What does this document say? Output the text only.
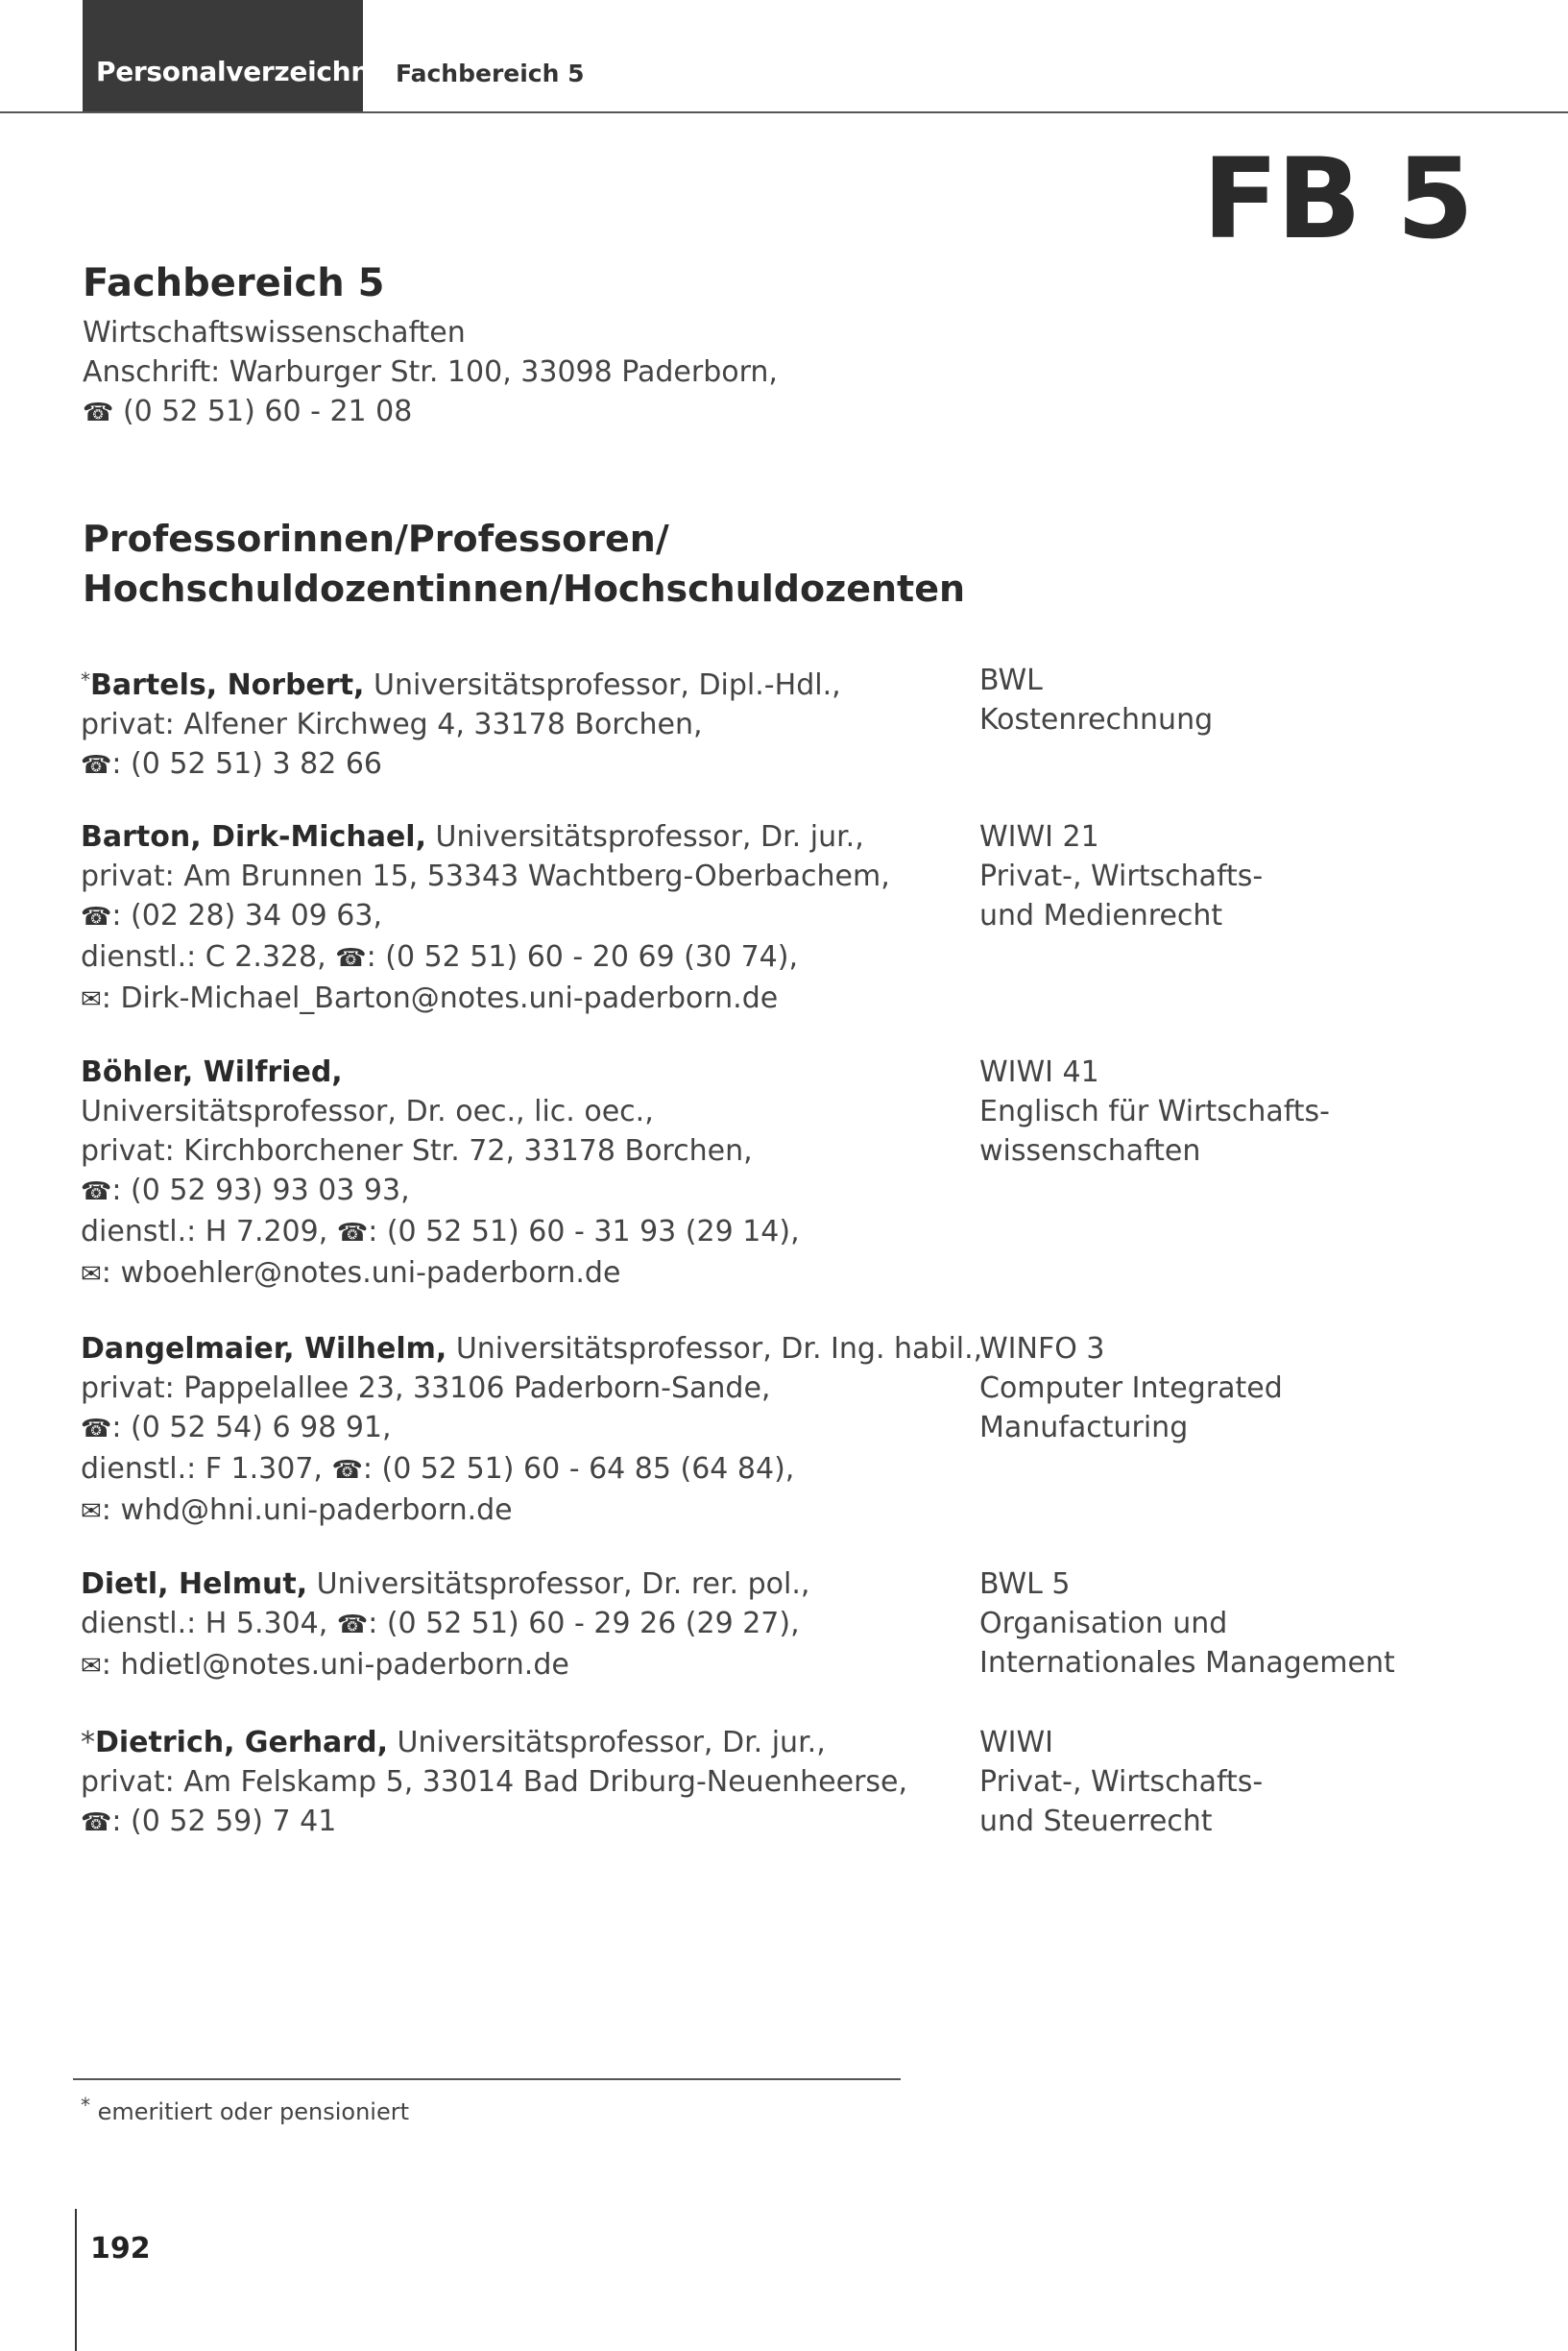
Personalverzeichnis Fachbereich 5
FB 5
Fachbereich 5
Wirtschaftswissenschaften
Anschrift: Warburger Str. 100, 33098 Paderborn,
☎ (0 52 51) 60 - 21 08
Professorinnen/Professoren/
Hochschuldozentinnen/Hochschuldozenten
*Bartels, Norbert, Universitätsprofessor, Dipl.-Hdl.,
privat: Alfener Kirchweg 4, 33178 Borchen,
☎: (0 52 51) 3 82 66
BWL
Kostenrechnung
Barton, Dirk-Michael, Universitätsprofessor, Dr. jur.,
privat: Am Brunnen 15, 53343 Wachtberg-Oberbachem,
☎: (02 28) 34 09 63,
dienstl.: C 2.328, ☎: (0 52 51) 60 - 20 69 (30 74),
✉: Dirk-Michael_Barton@notes.uni-paderborn.de
WIWI 21
Privat-, Wirtschafts-
und Medienrecht
Böhler, Wilfried,
Universitätsprofessor, Dr. oec., lic. oec.,
privat: Kirchborchener Str. 72, 33178 Borchen,
☎: (0 52 93) 93 03 93,
dienstl.: H 7.209, ☎: (0 52 51) 60 - 31 93 (29 14),
✉: wboehler@notes.uni-paderborn.de
WIWI 41
Englisch für Wirtschafts-
wissenschaften
Dangelmaier, Wilhelm, Universitätsprofessor, Dr. Ing. habil.,
privat: Pappelallee 23, 33106 Paderborn-Sande,
☎: (0 52 54) 6 98 91,
dienstl.: F 1.307, ☎: (0 52 51) 60 - 64 85 (64 84),
✉: whd@hni.uni-paderborn.de
WINFO 3
Computer Integrated
Manufacturing
Dietl, Helmut, Universitätsprofessor, Dr. rer. pol.,
dienstl.: H 5.304, ☎: (0 52 51) 60 - 29 26 (29 27),
✉: hdietl@notes.uni-paderborn.de
BWL 5
Organisation und
Internationales Management
*Dietrich, Gerhard, Universitätsprofessor, Dr. jur.,
privat: Am Felskamp 5, 33014 Bad Driburg-Neuenheerse,
☎: (0 52 59) 7 41
WIWI
Privat-, Wirtschafts-
und Steuerrecht
* emeritiert oder pensioniert
192
